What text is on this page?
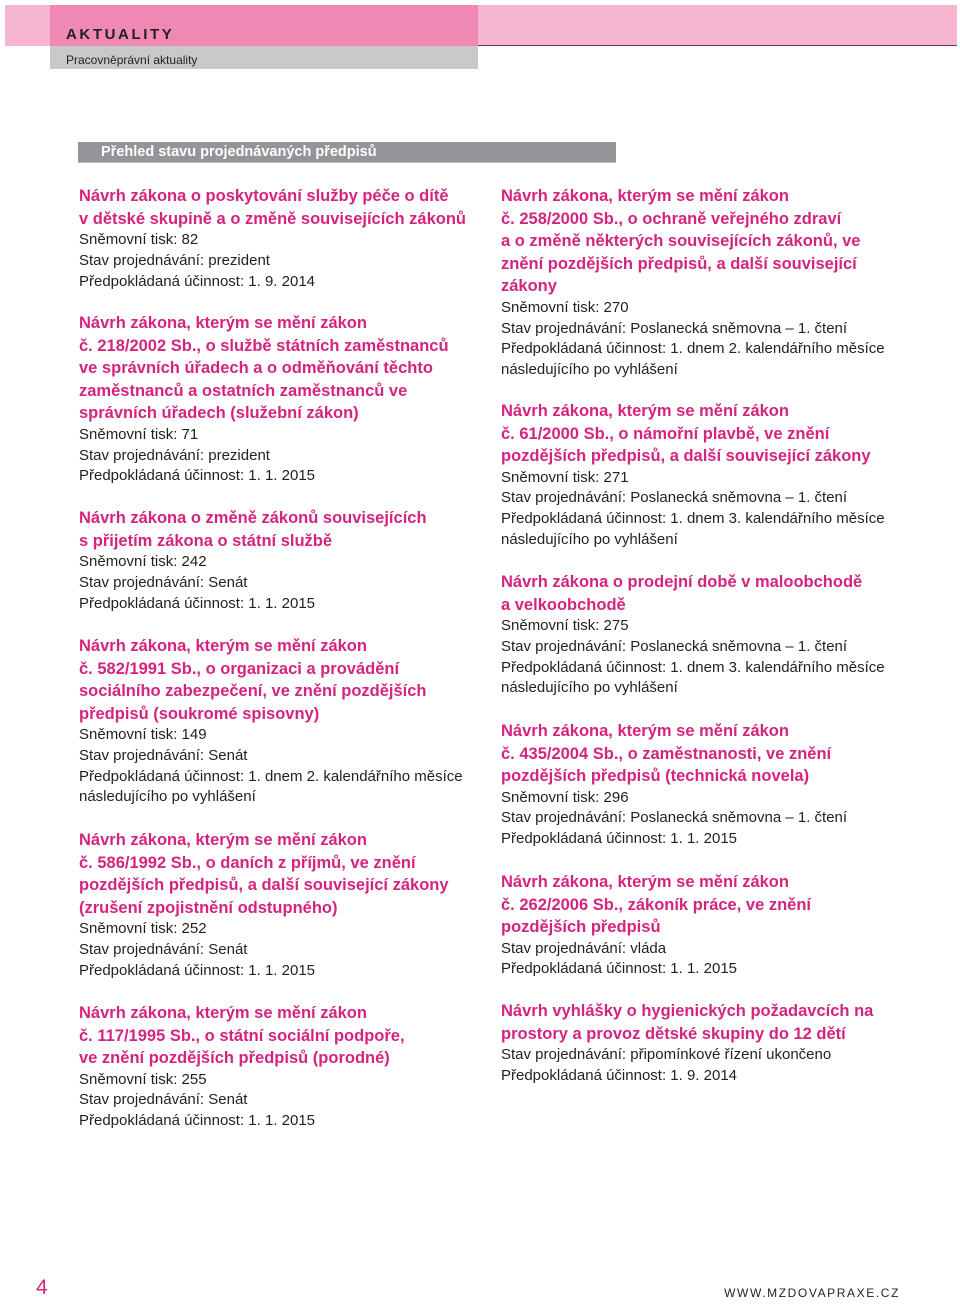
AKTUALITY
Pracovněprávní aktuality
Přehled stavu projednávaných předpisů
Návrh zákona o poskytování služby péče o dítě
v dětské skupině a o změně souvisejících zákonů
Sněmovní tisk: 82
Stav projednávání: prezident
Předpokládaná účinnost: 1. 9. 2014
Návrh zákona, kterým se mění zákon
č. 218/2002 Sb., o službě státních zaměstnanců
ve správních úřadech a o odměňování těchto
zaměstnanců a ostatních zaměstnanců ve
správních úřadech (služební zákon)
Sněmovní tisk: 71
Stav projednávání: prezident
Předpokládaná účinnost: 1. 1. 2015
Návrh zákona o změně zákonů souvisejících
s přijetím zákona o státní službě
Sněmovní tisk: 242
Stav projednávání: Senát
Předpokládaná účinnost: 1. 1. 2015
Návrh zákona, kterým se mění zákon
č. 582/1991 Sb., o organizaci a provádění
sociálního zabezpečení, ve znění pozdějších
předpisů (soukromé spisovny)
Sněmovní tisk: 149
Stav projednávání: Senát
Předpokládaná účinnost: 1. dnem 2. kalendářního měsíce
následujícího po vyhlášení
Návrh zákona, kterým se mění zákon
č. 586/1992 Sb., o daních z příjmů, ve znění
pozdějších předpisů, a další související zákony
(zrušení zpojistnění odstupného)
Sněmovní tisk: 252
Stav projednávání: Senát
Předpokládaná účinnost: 1. 1. 2015
Návrh zákona, kterým se mění zákon
č. 117/1995 Sb., o státní sociální podpoře,
ve znění pozdějších předpisů (porodné)
Sněmovní tisk: 255
Stav projednávání: Senát
Předpokládaná účinnost: 1. 1. 2015
Návrh zákona, kterým se mění zákon
č. 258/2000 Sb., o ochraně veřejného zdraví
a o změně některých souvisejících zákonů, ve
znění pozdějších předpisů, a další související
zákony
Sněmovní tisk: 270
Stav projednávání: Poslanecká sněmovna – 1. čtení
Předpokládaná účinnost: 1. dnem 2. kalendářního měsíce
následujícího po vyhlášení
Návrh zákona, kterým se mění zákon
č. 61/2000 Sb., o námořní plavbě, ve znění
pozdějších předpisů, a další související zákony
Sněmovní tisk: 271
Stav projednávání: Poslanecká sněmovna – 1. čtení
Předpokládaná účinnost: 1. dnem 3. kalendářního měsíce
následujícího po vyhlášení
Návrh zákona o prodejní době v maloobchodě
a velkoobchodě
Sněmovní tisk: 275
Stav projednávání: Poslanecká sněmovna – 1. čtení
Předpokládaná účinnost: 1. dnem 3. kalendářního měsíce
následujícího po vyhlášení
Návrh zákona, kterým se mění zákon
č. 435/2004 Sb., o zaměstnanosti, ve znění
pozdějších předpisů (technická novela)
Sněmovní tisk: 296
Stav projednávání: Poslanecká sněmovna – 1. čtení
Předpokládaná účinnost: 1. 1. 2015
Návrh zákona, kterým se mění zákon
č. 262/2006 Sb., zákoník práce, ve znění
pozdějších předpisů
Stav projednávání: vláda
Předpokládaná účinnost: 1. 1. 2015
Návrh vyhlášky o hygienických požadavcích na
prostory a provoz dětské skupiny do 12 dětí
Stav projednávání: připomínkové řízení ukončeno
Předpokládaná účinnost: 1. 9. 2014
4	WWW.MZDOVAPRAXE.CZ
